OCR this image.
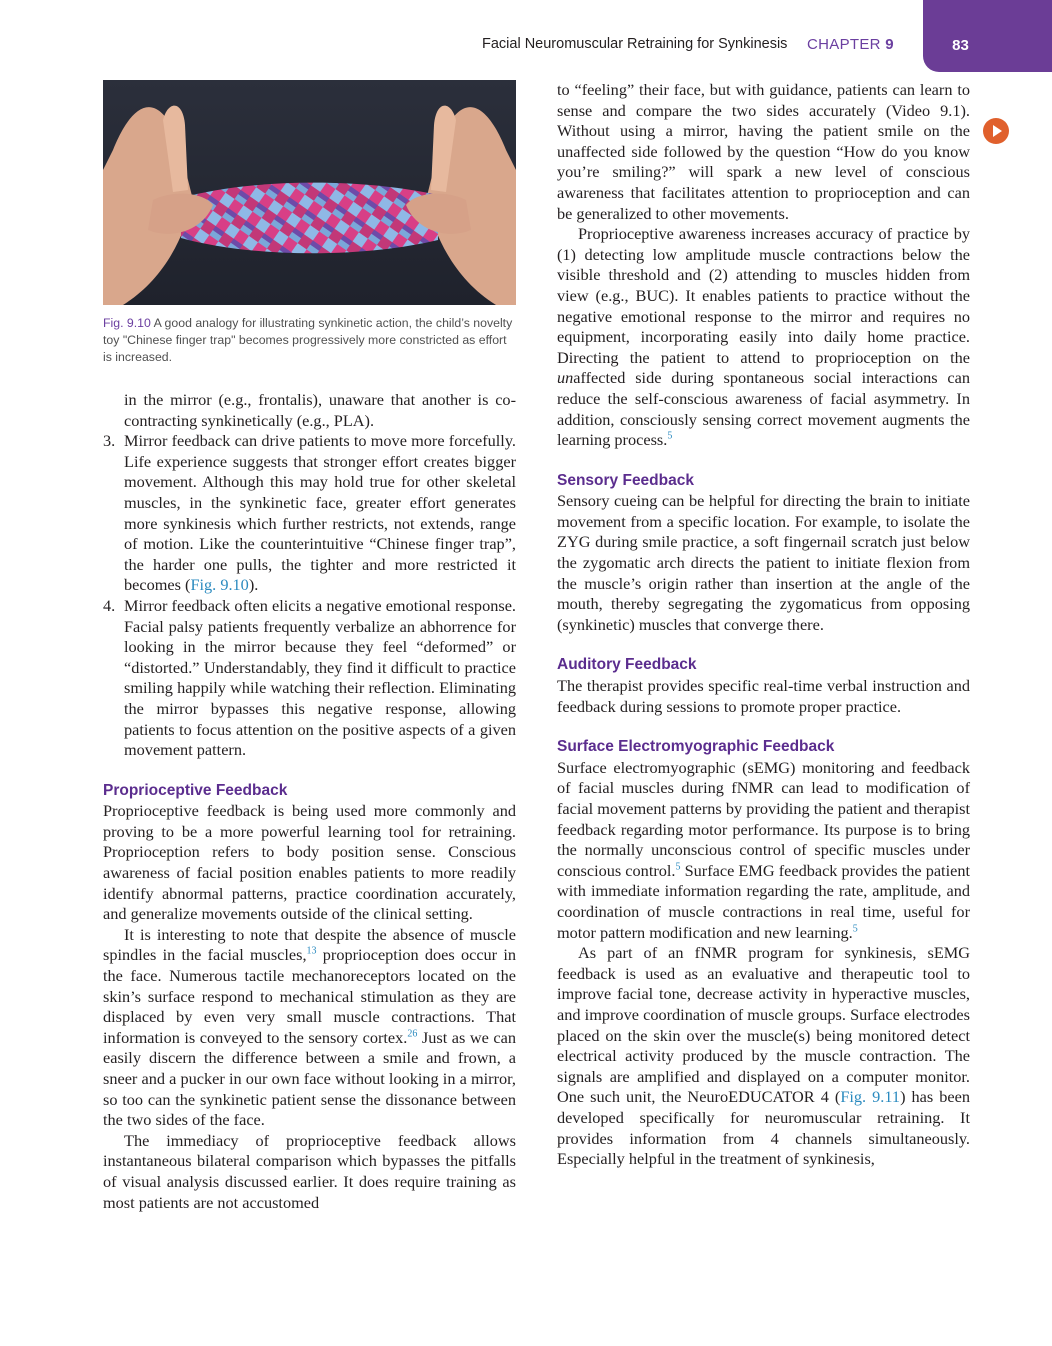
Facial Neuromuscular Retraining for Synkinesis CHAPTER 9	83
Fig. 9.10 A good analogy for illustrating synkinetic action, the child’s novelty toy "Chinese finger trap" becomes progressively more constricted as effort is increased.
in the mirror (e.g., frontalis), unaware that another is co-contracting synkinetically (e.g., PLA).
3. Mirror feedback can drive patients to move more forcefully. Life experience suggests that stronger effort creates bigger movement. Although this may hold true for other skeletal muscles, in the synkinetic face, greater effort generates more synkinesis which further restricts, not extends, range of motion. Like the counterintuitive “Chinese finger trap”, the harder one pulls, the tighter and more restricted it becomes (Fig. 9.10).
4. Mirror feedback often elicits a negative emotional response. Facial palsy patients frequently verbalize an abhorrence for looking in the mirror because they feel “deformed” or “distorted.” Understandably, they find it difficult to practice smiling happily while watching their reflection. Eliminating the mirror bypasses this negative response, allowing patients to focus attention on the positive aspects of a given movement pattern.
Proprioceptive Feedback

Proprioceptive feedback is being used more commonly and proving to be a more powerful learning tool for retraining. Proprioception refers to body position sense. Conscious awareness of facial position enables patients to more readily identify abnormal patterns, practice coordination accurately, and generalize movements outside of the clinical setting.

It is interesting to note that despite the absence of muscle spindles in the facial muscles,$^{13}$ proprioception does occur in the face. Numerous tactile mechanoreceptors located on the skin’s surface respond to mechanical stimulation as they are displaced by even very small muscle contractions. That information is conveyed to the sensory cortex.$^{26}$ Just as we can easily discern the difference between a smile and frown, a sneer and a pucker in our own face without looking in a mirror, so too can the synkinetic patient sense the dissonance between the two sides of the face.

The immediacy of proprioceptive feedback allows instantaneous bilateral comparison which bypasses the pitfalls of visual analysis discussed earlier. It does require training as most patients are not accustomed

to “feeling” their face, but with guidance, patients can learn to sense and compare the two sides accurately (Video 9.1). Without using a mirror, having the patient smile on the unaffected side followed by the question “How do you know you’re smiling?” will spark a new level of conscious awareness that facilitates attention to proprioception and can be generalized to other movements.

Proprioceptive awareness increases accuracy of practice by (1) detecting low amplitude muscle contractions below the visible threshold and (2) attending to muscles hidden from view (e.g., BUC). It enables patients to practice without the negative emotional response to the mirror and requires no equipment, incorporating easily into daily home practice. Directing the patient to attend to proprioception on the unaffected side during spontaneous social interactions can reduce the self-conscious awareness of facial asymmetry. In addition, consciously sensing correct movement augments the learning process.$^5$

Sensory Feedback

Sensory cueing can be helpful for directing the brain to initiate movement from a specific location. For example, to isolate the ZYG during smile practice, a soft fingernail scratch just below the zygomatic arch directs the patient to initiate flexion from the muscle’s origin rather than insertion at the angle of the mouth, thereby segregating the zygomaticus from opposing (synkinetic) muscles that converge there.

Auditory Feedback

The therapist provides specific real-time verbal instruction and feedback during sessions to promote proper practice.

Surface Electromyographic Feedback

Surface electromyographic (sEMG) monitoring and feedback of facial muscles during fNMR can lead to modification of facial movement patterns by providing the patient and therapist feedback regarding motor performance. Its purpose is to bring the normally unconscious control of specific muscles under conscious control.$^5$ Surface EMG feedback provides the patient with immediate information regarding the rate, amplitude, and coordination of muscle contractions in real time, useful for motor pattern modification and new learning.$^5$

As part of an fNMR program for synkinesis, sEMG feedback is used as an evaluative and therapeutic tool to improve facial tone, decrease activity in hyperactive muscles, and improve coordination of muscle groups. Surface electrodes placed on the skin over the muscle(s) being monitored detect electrical activity produced by the muscle contraction. The signals are amplified and displayed on a computer monitor. One such unit, the NeuroEDUCATOR 4 (Fig. 9.11) has been developed specifically for neuromuscular retraining. It provides information from 4 channels simultaneously. Especially helpful in the treatment of synkinesis,
